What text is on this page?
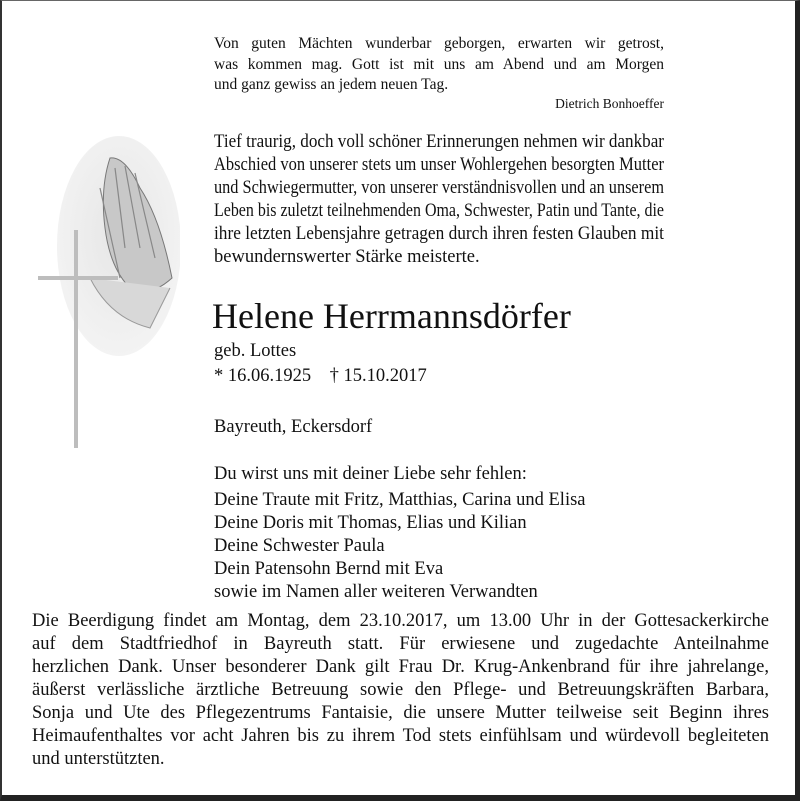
Von guten Mächten wunderbar geborgen, erwarten wir getrost,
was kommen mag. Gott ist mit uns am Abend und am Morgen
und ganz gewiss an jedem neuen Tag.
Dietrich Bonhoeffer
Tief traurig, doch voll schöner Erinnerungen nehmen wir dankbar
Abschied von unserer stets um unser Wohlergehen besorgten Mutter
und Schwiegermutter, von unserer verständnisvollen und an unserem
Leben bis zuletzt teilnehmenden Oma, Schwester, Patin und Tante, die
ihre letzten Lebensjahre getragen durch ihren festen Glauben mit
bewundernswerter Stärke meisterte.
Helene Herrmannsdörfer
geb. Lottes
* 16.06.1925    † 15.10.2017
Bayreuth, Eckersdorf
Du wirst uns mit deiner Liebe sehr fehlen:
Deine Traute mit Fritz, Matthias, Carina und Elisa
Deine Doris mit Thomas, Elias und Kilian
Deine Schwester Paula
Dein Patensohn Bernd mit Eva
sowie im Namen aller weiteren Verwandten
Die Beerdigung findet am Montag, dem 23.10.2017, um 13.00 Uhr in der Gottesackerkirche
auf dem Stadtfriedhof in Bayreuth statt. Für erwiesene und zugedachte Anteilnahme
herzlichen Dank. Unser besonderer Dank gilt Frau Dr. Krug-Ankenbrand für ihre jahrelange,
äußerst verlässliche ärztliche Betreuung sowie den Pflege- und Betreuungskräften Barbara,
Sonja und Ute des Pflegezentrums Fantaisie, die unsere Mutter teilweise seit Beginn ihres
Heimaufenthaltes vor acht Jahren bis zu ihrem Tod stets einfühlsam und würdevoll begleiteten
und unterstützten.
